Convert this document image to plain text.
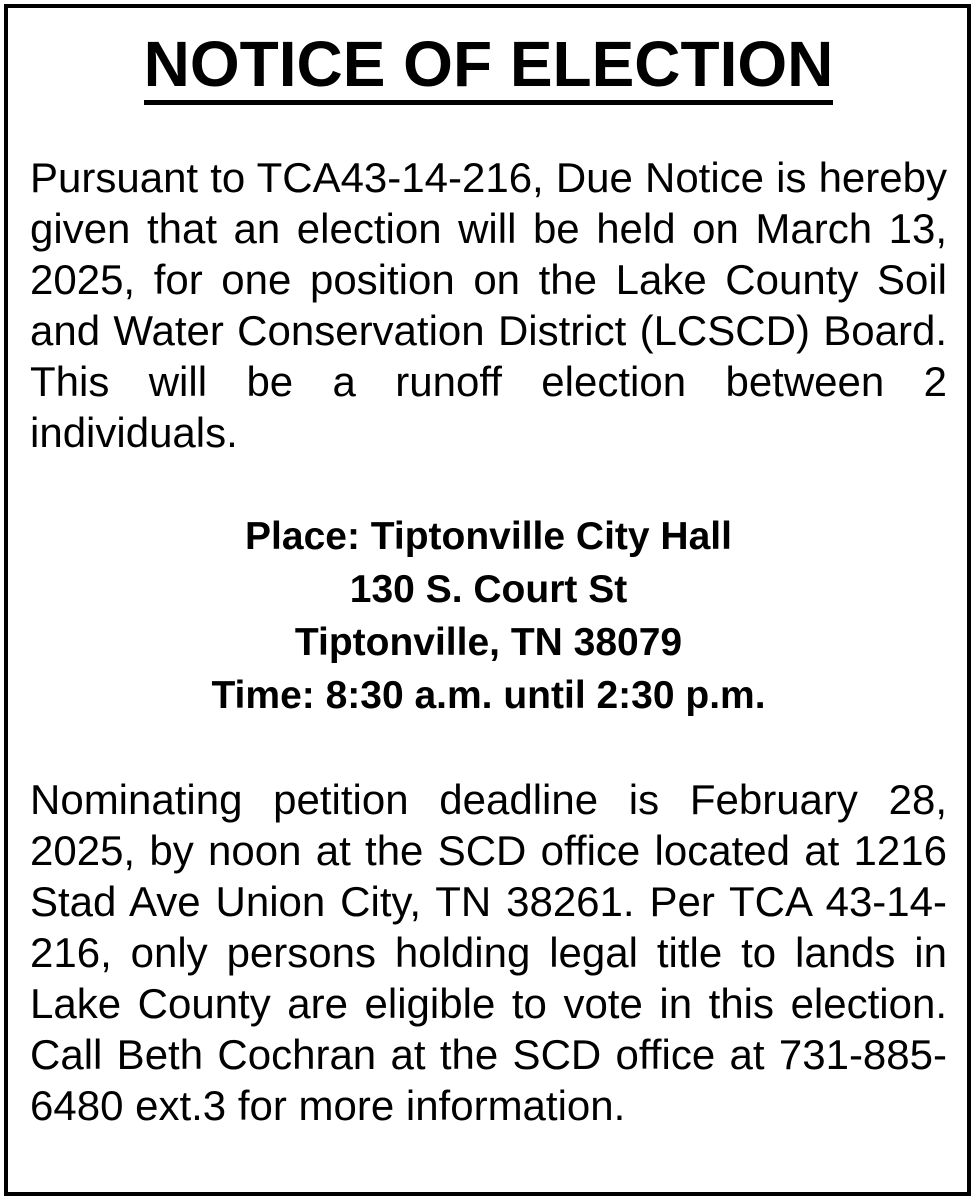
NOTICE OF ELECTION

Pursuant to TCA43-14-216, Due Notice is hereby given that an election will be held on March 13, 2025, for one position on the Lake County Soil and Water Conservation District (LCSCD) Board. This will be a runoff election between 2 individuals.

Place: Tiptonville City Hall
130 S. Court St
Tiptonville, TN 38079
Time: 8:30 a.m. until 2:30 p.m.

Nominating petition deadline is February 28, 2025, by noon at the SCD office located at 1216 Stad Ave Union City, TN 38261. Per TCA 43-14-216, only persons holding legal title to lands in Lake County are eligible to vote in this election. Call Beth Cochran at the SCD office at 731-885-6480 ext.3 for more information.
